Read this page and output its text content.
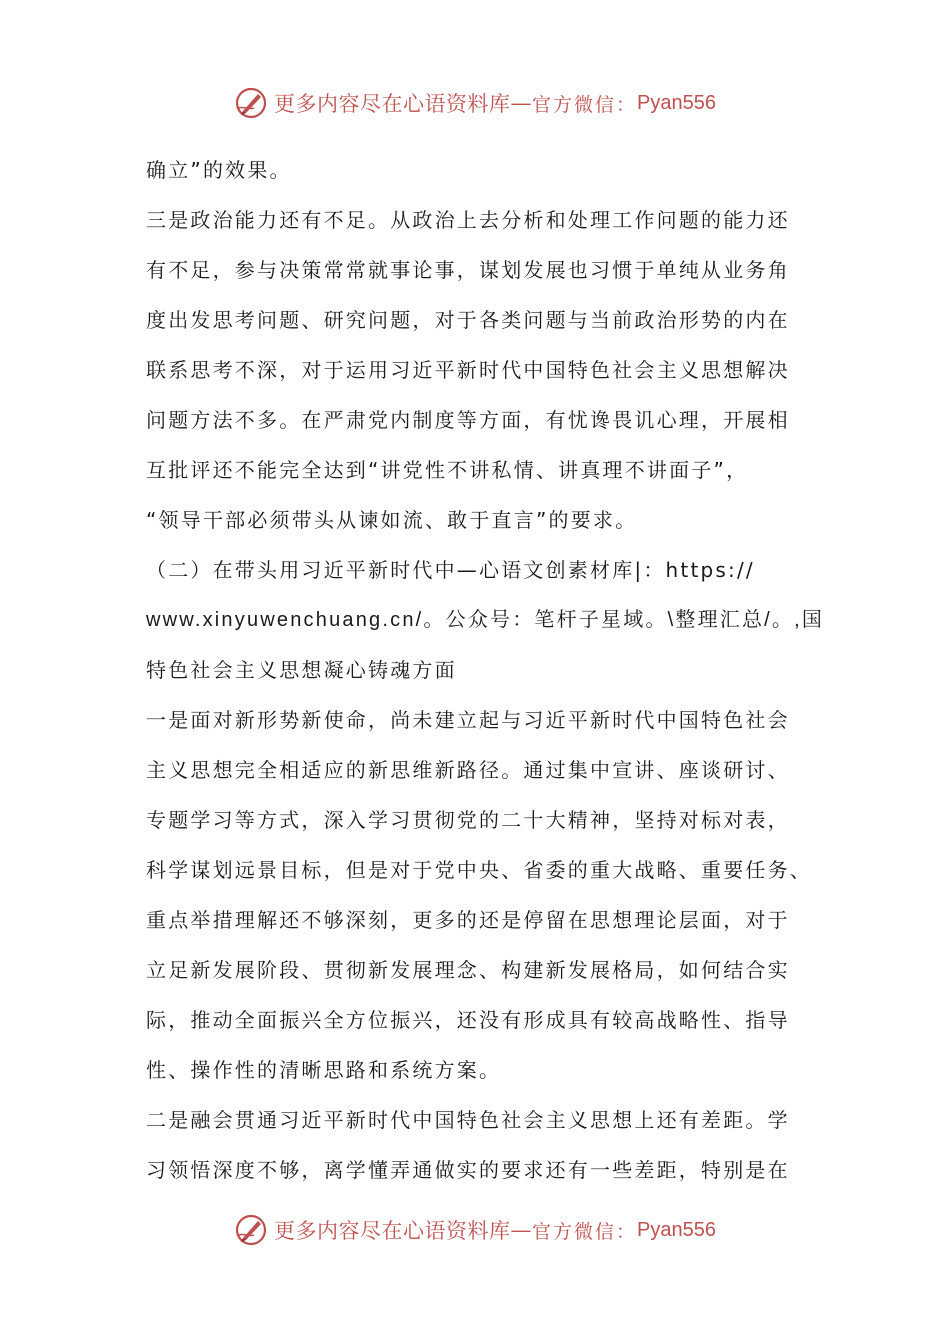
更多内容尽在心语资料库 — 官方微信： Pyan556
确立”的效果。
三是政治能力还有不足。从政治上去分析和处理工作问题的能力还
有不足，参与决策常常就事论事，谋划发展也习惯于单纯从业务角
度出发思考问题、研究问题，对于各类问题与当前政治形势的内在
联系思考不深，对于运用习近平新时代中国特色社会主义思想解决
问题方法不多。在严肃党内制度等方面，有忧谗畏讥心理，开展相
互批评还不能完全达到“讲党性不讲私情、讲真理不讲面子”，
“领导干部必须带头从谏如流、敢于直言”的要求。
（二）在带头用习近平新时代中—心语文创素材库|：https://
www.xinyuwenchuang.cn/。公众号：笔杆子星域。\整理汇总/。,国
特色社会主义思想凝心铸魂方面
一是面对新形势新使命，尚未建立起与习近平新时代中国特色社会
主义思想完全相适应的新思维新路径。通过集中宣讲、座谈研讨、
专题学习等方式，深入学习贯彻党的二十大精神，坚持对标对表，
科学谋划远景目标，但是对于党中央、省委的重大战略、重要任务、
重点举措理解还不够深刻，更多的还是停留在思想理论层面，对于
立足新发展阶段、贯彻新发展理念、构建新发展格局，如何结合实
际，推动全面振兴全方位振兴，还没有形成具有较高战略性、指导
性、操作性的清晰思路和系统方案。
二是融会贯通习近平新时代中国特色社会主义思想上还有差距。学
习领悟深度不够，离学懂弄通做实的要求还有一些差距，特别是在
更多内容尽在心语资料库 — 官方微信： Pyan556
